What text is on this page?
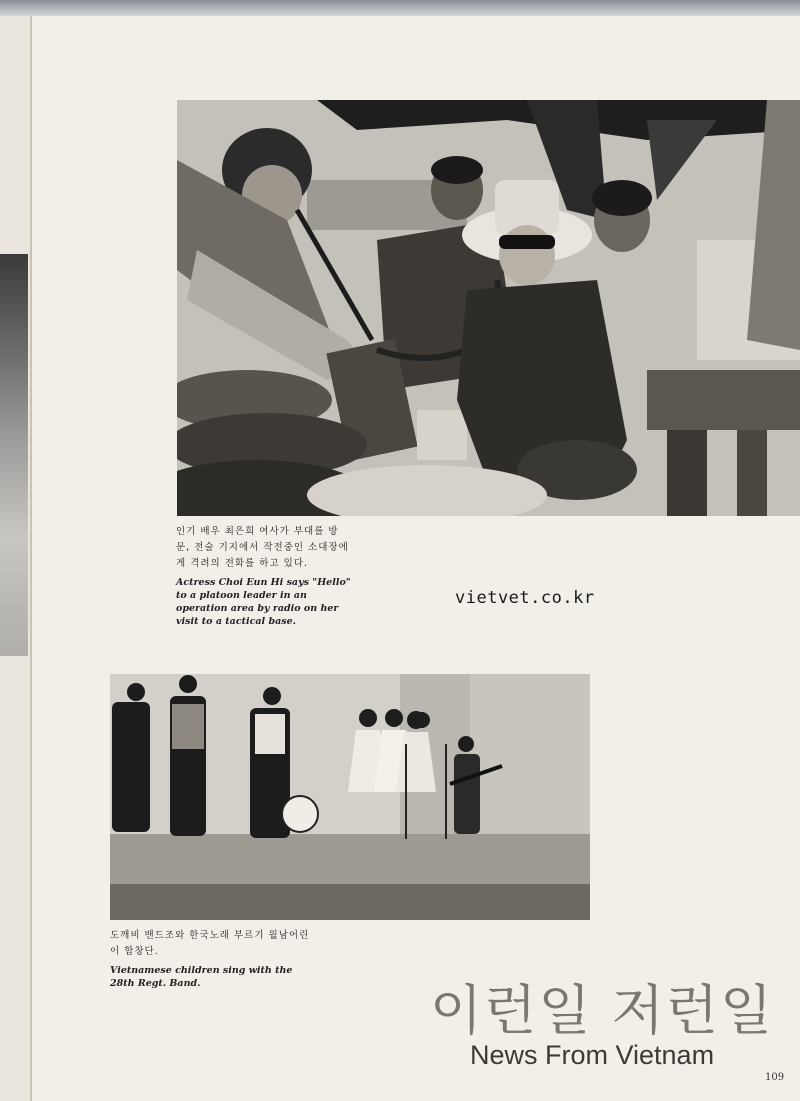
인기 배우 최은희 여사가 부대를 방문, 전술 기지에서 작전중인 소대장에게 격려의 전화를 하고 있다.
Actress Choi Eun Hi says "Hello" to a platoon leader in an operation area by radio on her visit to a tactical base.
vietvet.co.kr
도깨비 밴드조와 한국노래 부르기 월남어린이 합창단.
Vietnamese children sing with the 28th Regt. Band.	이런일 저런일
News From Vietnam
109
